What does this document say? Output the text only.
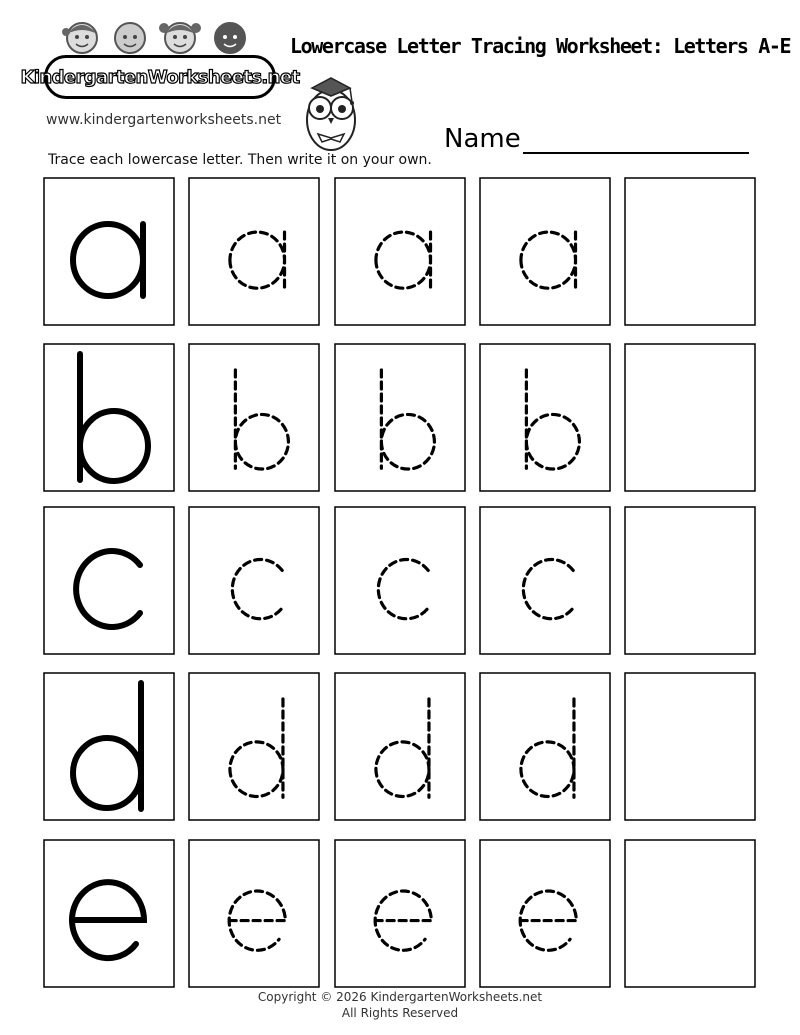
KindergartenWorksheets.net
www.kindergartenworksheets.net
Lowercase Letter Tracing Worksheet: Letters A-E
Name
Trace each lowercase letter. Then write it on your own.
Copyright © 2026 KindergartenWorksheets.net
All Rights Reserved
